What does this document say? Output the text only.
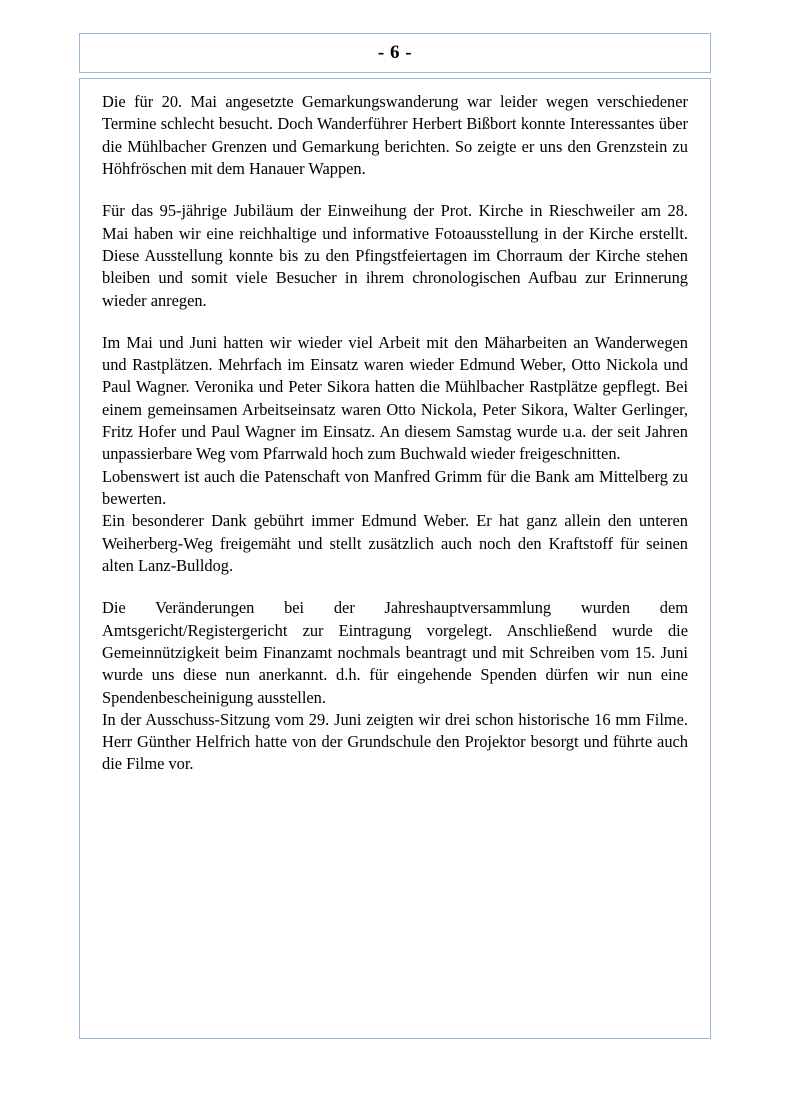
- 6 -

Die für 20. Mai angesetzte Gemarkungswanderung war leider wegen verschiedener Termine schlecht besucht. Doch Wanderführer Herbert Bißbort konnte Interessantes über die Mühlbacher Grenzen und Gemarkung berichten. So zeigte er uns den Grenzstein zu Höhfröschen mit dem Hanauer Wappen.

Für das 95-jährige Jubiläum der Einweihung der Prot. Kirche in Rieschweiler am 28. Mai haben wir eine reichhaltige und informative Fotoausstellung in der Kirche erstellt. Diese Ausstellung konnte bis zu den Pfingstfeiertagen im Chorraum der Kirche stehen bleiben und somit viele Besucher in ihrem chronologischen Aufbau zur Erinnerung wieder anregen.

Im Mai und Juni hatten wir wieder viel Arbeit mit den Mäharbeiten an Wanderwegen und Rastplätzen. Mehrfach im Einsatz waren wieder Edmund Weber, Otto Nickola und Paul Wagner. Veronika und Peter Sikora hatten die Mühlbacher Rastplätze gepflegt. Bei einem gemeinsamen Arbeitseinsatz waren Otto Nickola, Peter Sikora, Walter Gerlinger, Fritz Hofer und Paul Wagner im Einsatz. An diesem Samstag wurde u.a. der seit Jahren unpassierbare Weg vom Pfarrwald hoch zum Buchwald wieder freigeschnitten.

Lobenswert ist auch die Patenschaft von Manfred Grimm für die Bank am Mittelberg zu bewerten.

Ein besonderer Dank gebührt immer Edmund Weber. Er hat ganz allein den unteren Weiherberg-Weg freigemäht und stellt zusätzlich auch noch den Kraftstoff für seinen alten Lanz-Bulldog.

Die Veränderungen bei der Jahreshauptversammlung wurden dem Amtsgericht/Registergericht zur Eintragung vorgelegt. Anschließend wurde die Gemeinnützigkeit beim Finanzamt nochmals beantragt und mit Schreiben vom 15. Juni wurde uns diese nun anerkannt. d.h. für eingehende Spenden dürfen wir nun eine Spendenbescheinigung ausstellen.

In der Ausschuss-Sitzung vom 29. Juni zeigten wir drei schon historische 16 mm Filme. Herr Günther Helfrich hatte von der Grundschule den Projektor besorgt und führte auch die Filme vor.
